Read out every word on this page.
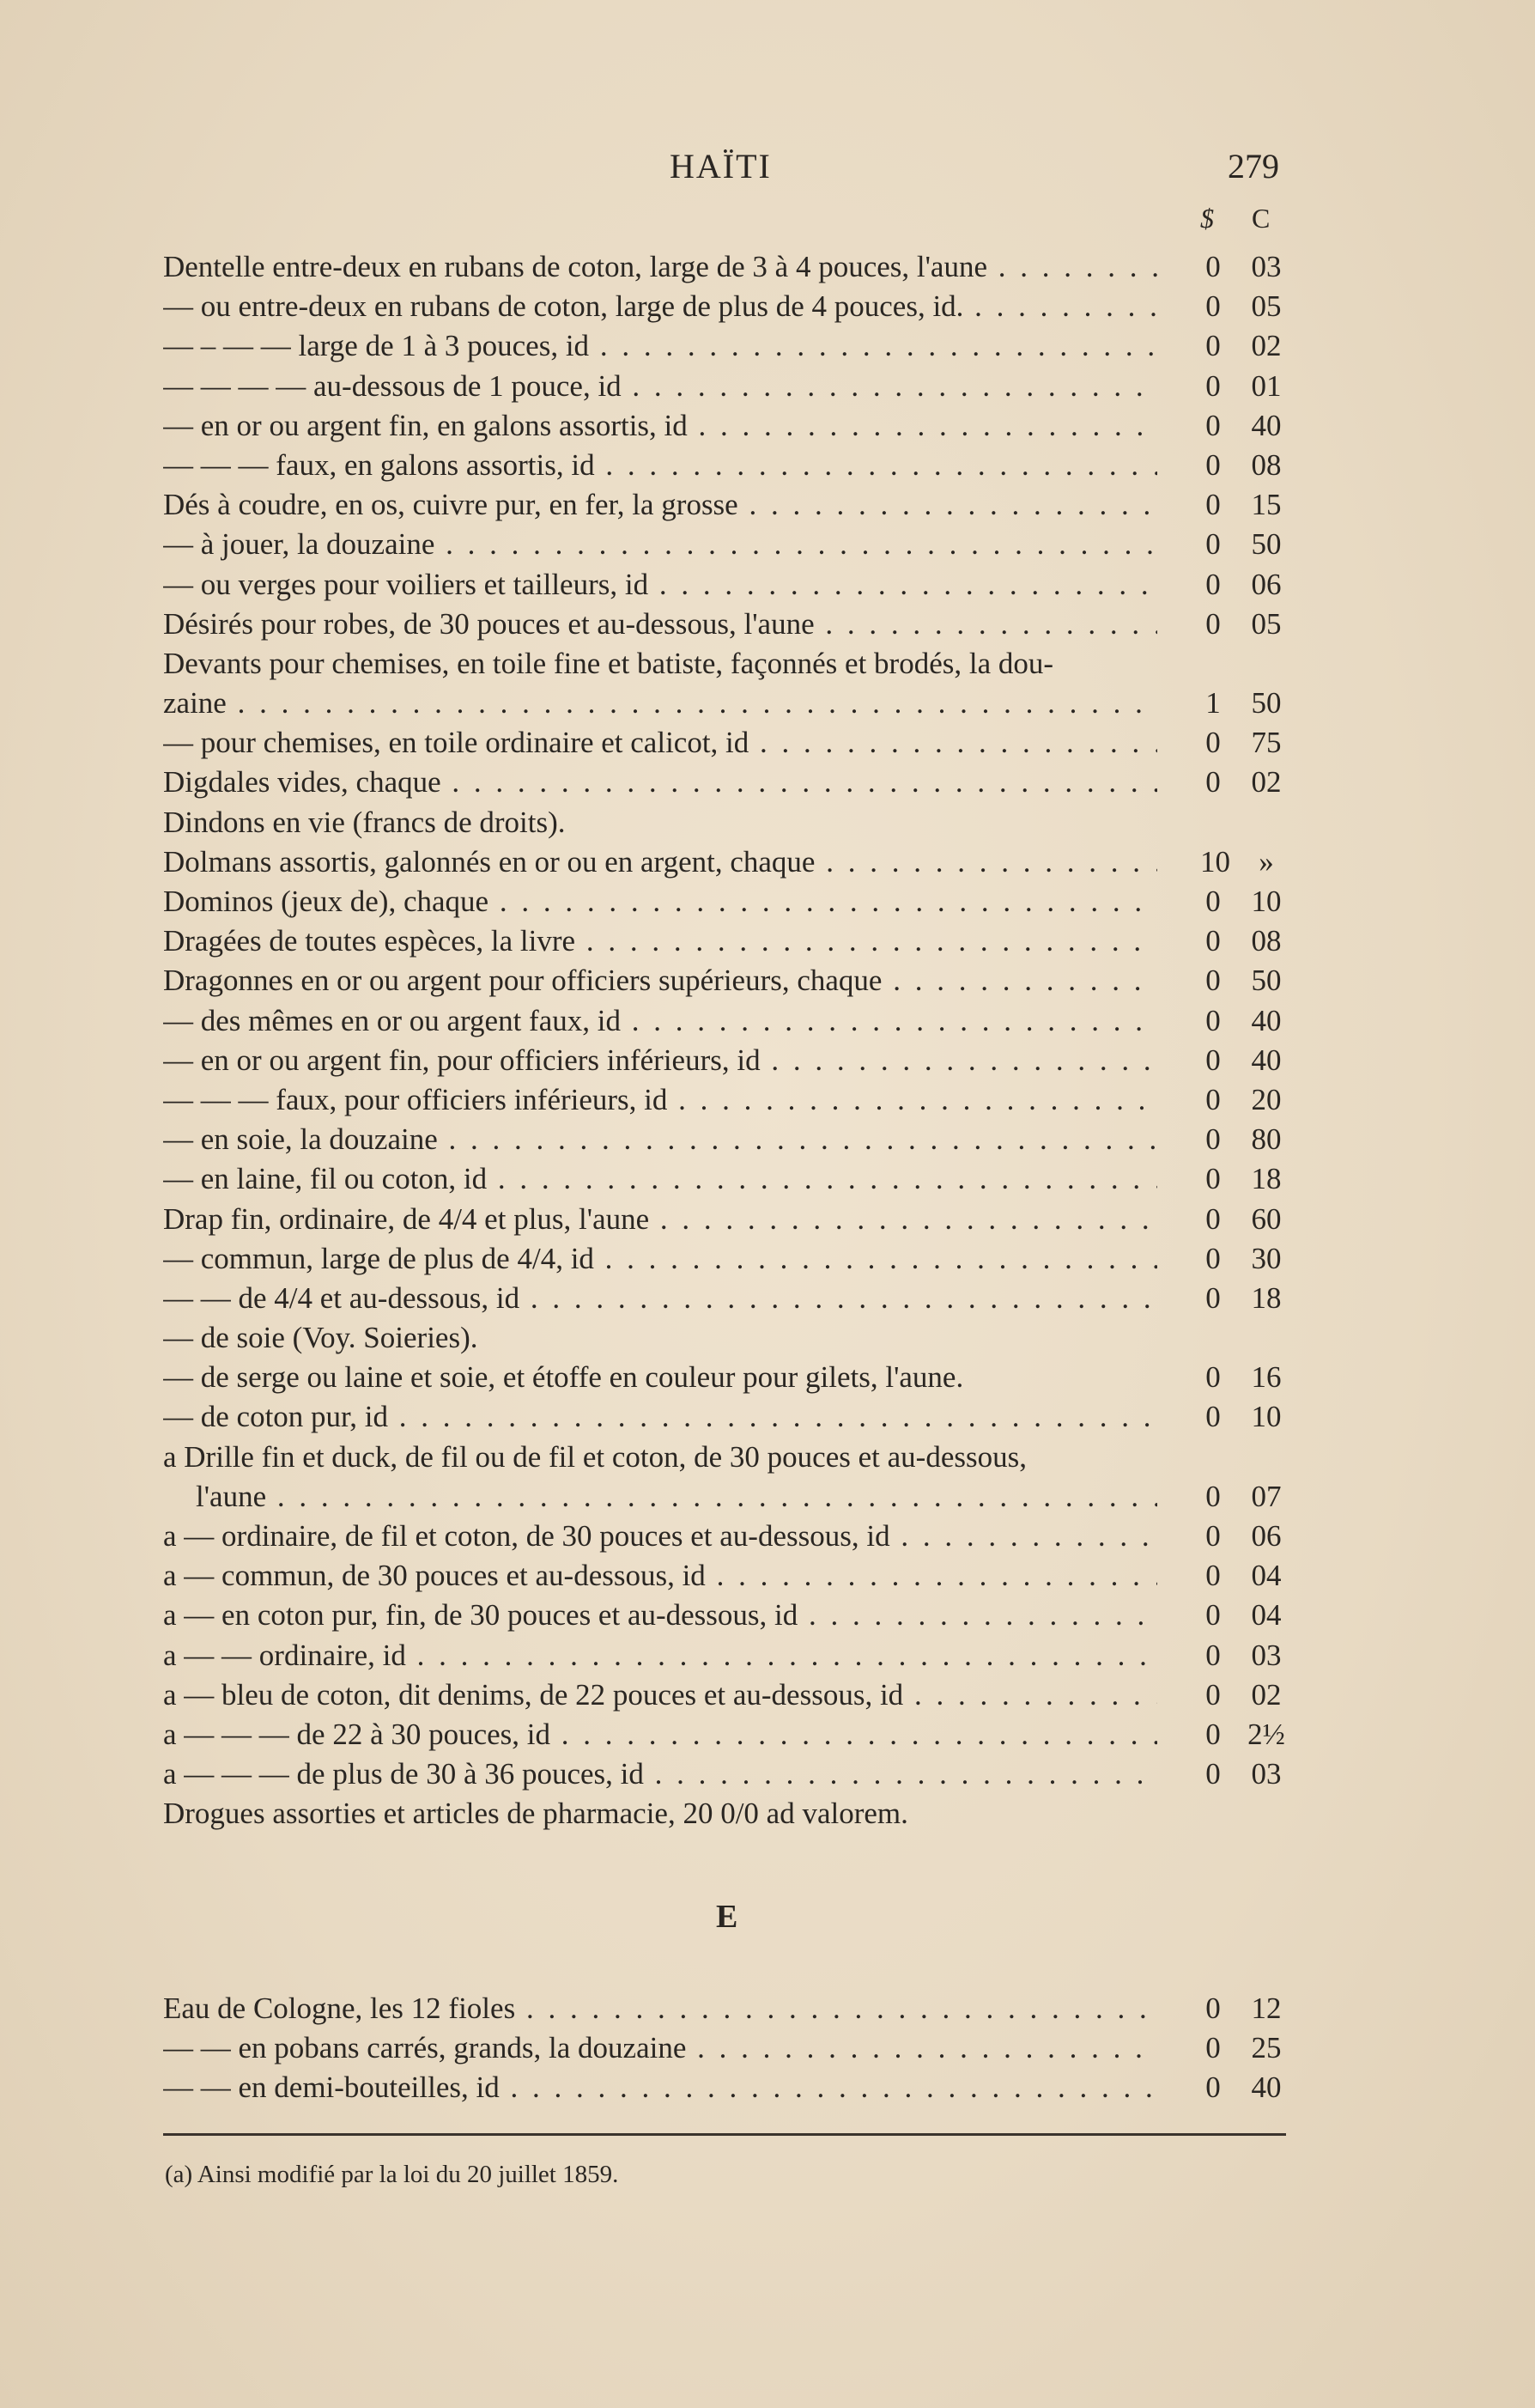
HAÏTI	279
$ C
Dentelle entre-deux en rubans de coton, large de 3 à 4 pouces, l'aune . . .	0 03
— ou entre-deux en rubans de coton, large de plus de 4 pouces, id. . . .	0 05
— – — — large de 1 à 3 pouces, id . . .	0 02
— — — — au-dessous de 1 pouce, id . . .	0 01
— en or ou argent fin, en galons assortis, id . . .	0 40
— — — faux, en galons assortis, id . . .	0 08
Dés à coudre, en os, cuivre pur, en fer, la grosse . . .	0 15
— à jouer, la douzaine . . .	0 50
— ou verges pour voiliers et tailleurs, id . . .	0 06
Désirés pour robes, de 30 pouces et au-dessous, l'aune . . .	0 05
Devants pour chemises, en toile fine et batiste, façonnés et brodés, la dou-
zaine . . .	1 50
— pour chemises, en toile ordinaire et calicot, id . . .	0 75
Digdales vides, chaque . . .	0 02
Dindons en vie (francs de droits).
Dolmans assortis, galonnés en or ou en argent, chaque . . .	10 »
Dominos (jeux de), chaque . . .	0 10
Dragées de toutes espèces, la livre . . .	0 08
Dragonnes en or ou argent pour officiers supérieurs, chaque . . .	0 50
— des mêmes en or ou argent faux, id . . .	0 40
— en or ou argent fin, pour officiers inférieurs, id . . .	0 40
— — — faux, pour officiers inférieurs, id . . .	0 20
— en soie, la douzaine . . .	0 80
— en laine, fil ou coton, id . . .	0 18
Drap fin, ordinaire, de 4/4 et plus, l'aune . . .	0 60
— commun, large de plus de 4/4, id . . .	0 30
— — de 4/4 et au-dessous, id . . .	0 18
— de soie (Voy. Soieries).
— de serge ou laine et soie, et étoffe en couleur pour gilets, l'aune.	0 16
— de coton pur, id . . .	0 10
a Drille fin et duck, de fil ou de fil et coton, de 30 pouces et au-dessous,
l'aune . . .	0 07
a — ordinaire, de fil et coton, de 30 pouces et au-dessous, id . . .	0 06
a — commun, de 30 pouces et au-dessous, id . . .	0 04
a — en coton pur, fin, de 30 pouces et au-dessous, id . . .	0 04
a — — ordinaire, id . . .	0 03
a — bleu de coton, dit denims, de 22 pouces et au-dessous, id . . .	0 02
a — — — de 22 à 30 pouces, id . . .	0 2½
a — — — de plus de 30 à 36 pouces, id . . .	0 03
Drogues assorties et articles de pharmacie, 20 0/0 ad valorem.
E
Eau de Cologne, les 12 fioles . . .	0 12
— — en pobans carrés, grands, la douzaine . . .	0 25
— — en demi-bouteilles, id . . .	0 40
(a) Ainsi modifié par la loi du 20 juillet 1859.
